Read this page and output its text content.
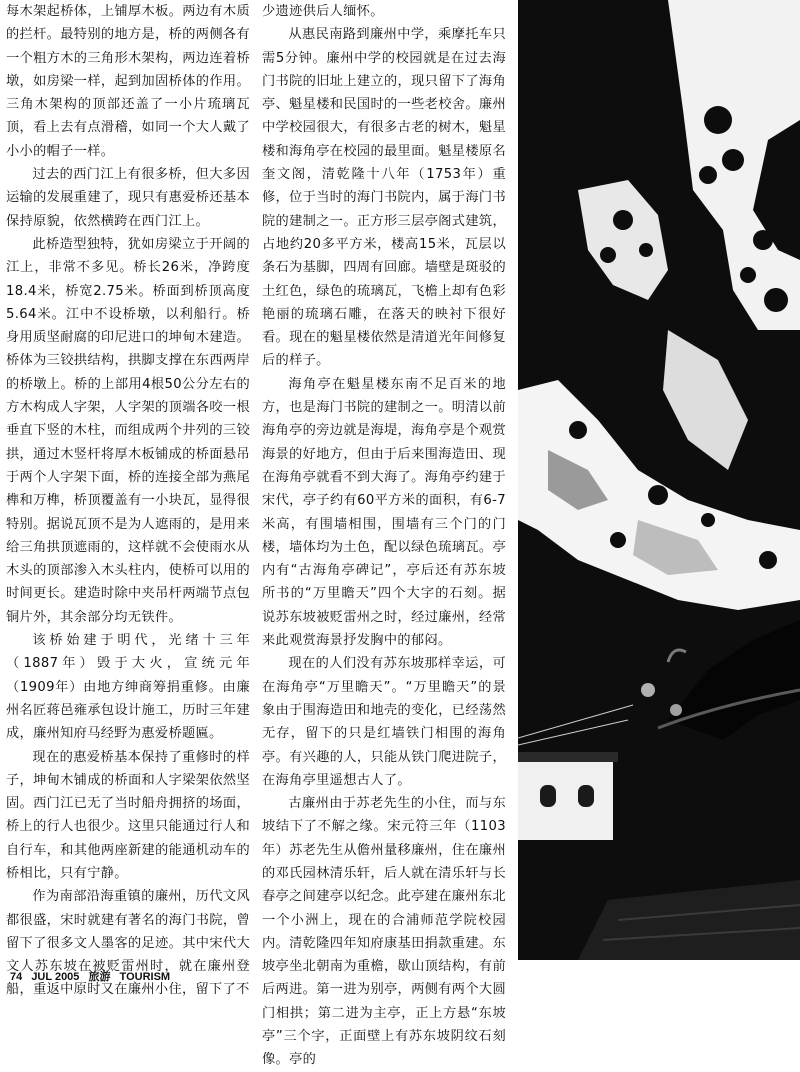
每木架起桥体，上铺厚木板。两边有木质的拦杆。最特别的地方是，桥的两侧各有一个粗方木的三角形木架构，两边连着桥墩，如房梁一样，起到加固桥体的作用。三角木架构的顶部还盖了一小片琉璃瓦顶，看上去有点滑稽，如同一个大人戴了小小的帽子一样。

过去的西门江上有很多桥，但大多因运输的发展重建了，现只有惠爱桥还基本保持原貌，依然横跨在西门江上。

此桥造型独特，犹如房梁立于开阔的江上，非常不多见。桥长26米，净跨度18.4米，桥宽2.75米。桥面到桥顶高度5.64米。江中不设桥墩，以利船行。桥身用质坚耐腐的印尼进口的坤甸木建造。桥体为三铰拱结构，拱脚支撑在东西两岸的桥墩上。桥的上部用4根50公分左右的方木构成人字架，人字架的顶端各咬一根垂直下竖的木柱，而组成两个井列的三铰拱，通过木竖杆将厚木板铺成的桥面悬吊于两个人字架下面，桥的连接全部为燕尾榫和万榫，桥顶覆盖有一小块瓦，显得很特别。据说瓦顶不是为人遮雨的，是用来给三角拱顶遮雨的，这样就不会使雨水从木头的顶部渗入木头柱内，使桥可以用的时间更长。建造时除中夹吊杆两端节点包铜片外，其余部分均无铁件。

该桥始建于明代，光绪十三年（1887年）毁于大火，宣统元年（1909年）由地方绅商筹捐重修。由廉州名匠蒋邑雍承包设计施工，历时三年建成，廉州知府马经野为惠爱桥题匾。

现在的惠爱桥基本保持了重修时的样子，坤甸木铺成的桥面和人字梁架依然坚固。西门江已无了当时船舟拥挤的场面，桥上的行人也很少。这里只能通过行人和自行车，和其他两座新建的能通机动车的桥相比，只有宁静。

作为南部沿海重镇的廉州，历代文风都很盛，宋时就建有著名的海门书院，曾留下了很多文人墨客的足迹。其中宋代大文人苏东坡在被贬雷州时，就在廉州登船，重返中原时又在廉州小住，留下了不

少遗迹供后人缅怀。

从惠民南路到廉州中学，乘摩托车只需5分钟。廉州中学的校园就是在过去海门书院的旧址上建立的，现只留下了海角亭、魁星楼和民国时的一些老校舍。廉州中学校园很大，有很多古老的树木，魁星楼和海角亭在校园的最里面。魁星楼原名奎文阁，清乾隆十八年（1753年）重修，位于当时的海门书院内，属于海门书院的建制之一。正方形三层亭阁式建筑，占地约20多平方米，楼高15米，瓦层以条石为基脚，四周有回廊。墙壁是斑驳的土红色，绿色的琉璃瓦，飞檐上却有色彩艳丽的琉璃石雕，在落天的映衬下很好看。现在的魁星楼依然是清道光年间修复后的样子。

海角亭在魁星楼东南不足百米的地方，也是海门书院的建制之一。明清以前海角亭的旁边就是海堤，海角亭是个观赏海景的好地方，但由于后来围海造田、现在海角亭就看不到大海了。海角亭约建于宋代，亭子约有60平方米的面积，有6-7米高，有围墙相围，围墙有三个门的门楼，墙体均为土色，配以绿色琉璃瓦。亭内有“古海角亭碑记”，亭后还有苏东坡所书的“万里瞻天”四个大字的石刻。据说苏东坡被贬雷州之时，经过廉州，经常来此观赏海景抒发胸中的郁闷。

现在的人们没有苏东坡那样幸运，可在海角亭“万里瞻天”。“万里瞻天”的景象由于围海造田和地壳的变化，已经荡然无存，留下的只是红墙铁门相围的海角亭。有兴趣的人，只能从铁门爬进院子，在海角亭里遥想古人了。

古廉州由于苏老先生的小住，而与东坡结下了不解之缘。宋元符三年（1103年）苏老先生从儋州量移廉州，住在廉州的邓氏园林清乐轩，后人就在清乐轩与长春亭之间建亭以纪念。此亭建在廉州东北一个小洲上，现在的合浦师范学院校园内。清乾隆四年知府康基田捐款重建。东坡亭坐北朝南为重檐，歇山顶结构，有前后两进。第一进为别亭，两侧有两个大圆门相拱；第二进为主亭，正上方悬“东坡亭”三个字，正面壁上有苏东坡阴纹石刻像。亭的

74 JUL 2005 旅游 TOURISM
